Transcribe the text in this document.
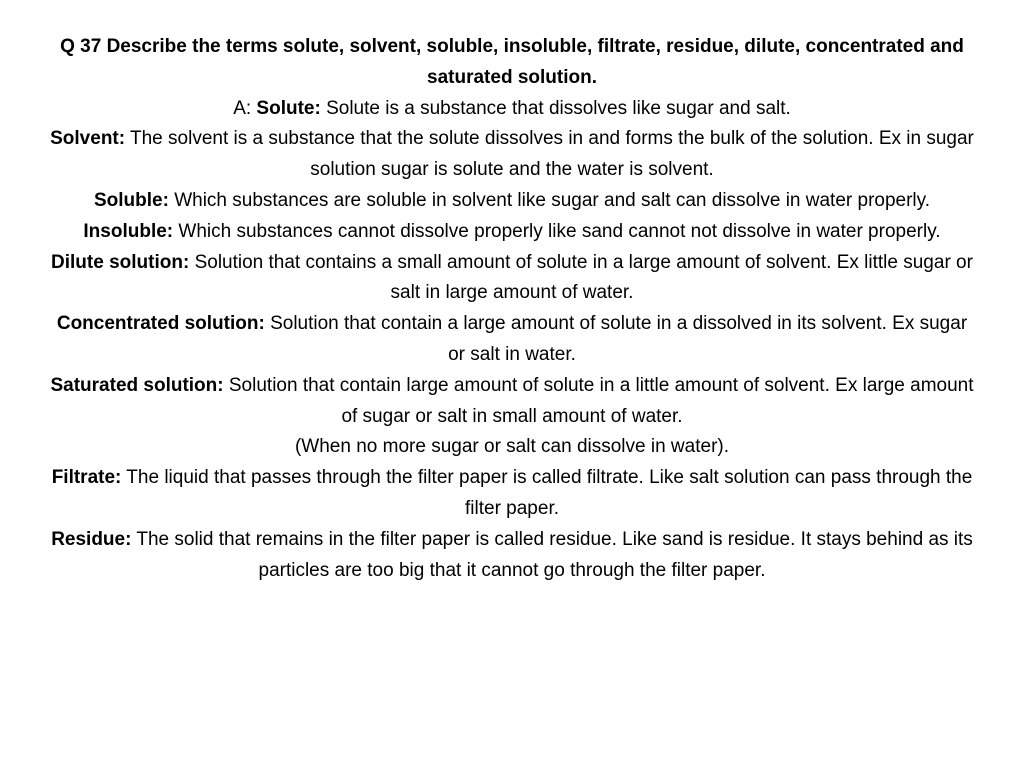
Q 37 Describe the terms solute, solvent, soluble, insoluble, filtrate, residue, dilute, concentrated and saturated solution.

A: Solute: Solute is a substance that dissolves like sugar and salt.

Solvent: The solvent is a substance that the solute dissolves in and forms the bulk of the solution. Ex in sugar solution sugar is solute and the water is solvent.

Soluble: Which substances are soluble in solvent like sugar and salt can dissolve in water properly.

Insoluble: Which substances cannot dissolve properly like sand cannot not dissolve in water properly.

Dilute solution: Solution that contains a small amount of solute in a large amount of solvent. Ex little sugar or salt in large amount of water.

Concentrated solution: Solution that contain a large amount of solute in a dissolved in its solvent. Ex sugar or salt in water.

Saturated solution: Solution that contain large amount of solute in a little amount of solvent. Ex large amount of sugar or salt in small amount of water.

(When no more sugar or salt can dissolve in water).

Filtrate: The liquid that passes through the filter paper is called filtrate. Like salt solution can pass through the filter paper.

Residue: The solid that remains in the filter paper is called residue. Like sand is residue. It stays behind as its particles are too big that it cannot go through the filter paper.
